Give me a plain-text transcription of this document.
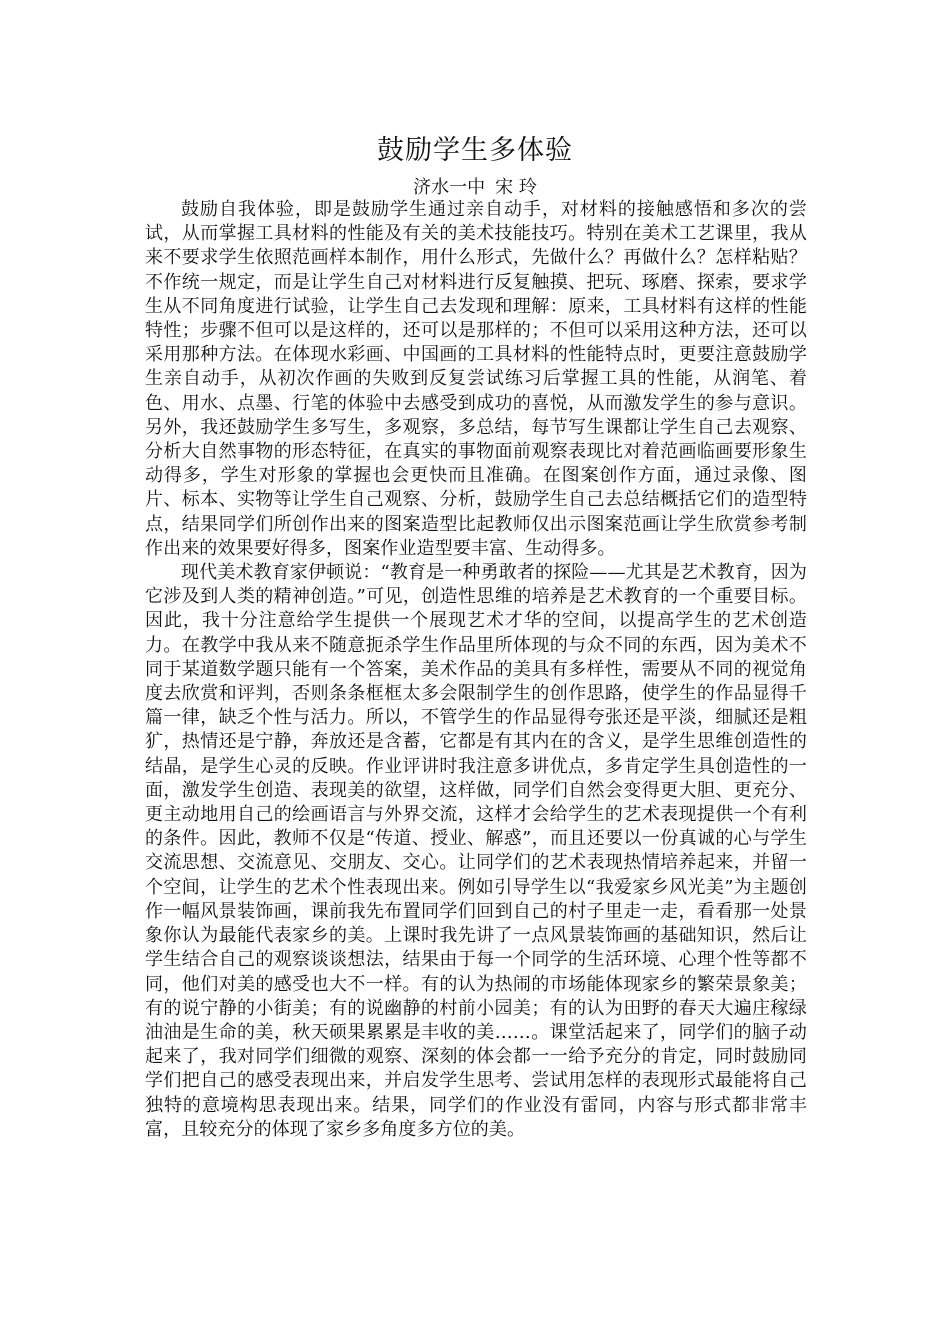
鼓励学生多体验
济水一中 宋 玲

鼓励自我体验，即是鼓励学生通过亲自动手，对材料的接触感悟和多次的尝试，从而掌握工具材料的性能及有关的美术技能技巧。特别在美术工艺课里，我从来不要求学生依照范画样本制作，用什么形式，先做什么？再做什么？怎样粘贴？不作统一规定，而是让学生自己对材料进行反复触摸、把玩、琢磨、探索，要求学生从不同角度进行试验，让学生自己去发现和理解：原来，工具材料有这样的性能特性；步骤不但可以是这样的，还可以是那样的；不但可以采用这种方法，还可以采用那种方法。在体现水彩画、中国画的工具材料的性能特点时，更要注意鼓励学生亲自动手，从初次作画的失败到反复尝试练习后掌握工具的性能，从润笔、着色、用水、点墨、行笔的体验中去感受到成功的喜悦，从而激发学生的参与意识。另外，我还鼓励学生多写生，多观察，多总结，每节写生课都让学生自己去观察、分析大自然事物的形态特征，在真实的事物面前观察表现比对着范画临画要形象生动得多，学生对形象的掌握也会更快而且准确。在图案创作方面，通过录像、图片、标本、实物等让学生自己观察、分析，鼓励学生自己去总结概括它们的造型特点，结果同学们所创作出来的图案造型比起教师仅出示图案范画让学生欣赏参考制作出来的效果要好得多，图案作业造型要丰富、生动得多。

现代美术教育家伊顿说：“教育是一种勇敢者的探险——尤其是艺术教育，因为它涉及到人类的精神创造。”可见，创造性思维的培养是艺术教育的一个重要目标。因此，我十分注意给学生提供一个展现艺术才华的空间，以提高学生的艺术创造力。在教学中我从来不随意扼杀学生作品里所体现的与众不同的东西，因为美术不同于某道数学题只能有一个答案，美术作品的美具有多样性，需要从不同的视觉角度去欣赏和评判，否则条条框框太多会限制学生的创作思路，使学生的作品显得千篇一律，缺乏个性与活力。所以，不管学生的作品显得夸张还是平淡，细腻还是粗犷，热情还是宁静，奔放还是含蓄，它都是有其内在的含义，是学生思维创造性的结晶，是学生心灵的反映。作业评讲时我注意多讲优点，多肯定学生具创造性的一面，激发学生创造、表现美的欲望，这样做，同学们自然会变得更大胆、更充分、更主动地用自己的绘画语言与外界交流，这样才会给学生的艺术表现提供一个有利的条件。因此，教师不仅是“传道、授业、解惑”，而且还要以一份真诚的心与学生交流思想、交流意见、交朋友、交心。让同学们的艺术表现热情培养起来，并留一个空间，让学生的艺术个性表现出来。例如引导学生以“我爱家乡风光美”为主题创作一幅风景装饰画，课前我先布置同学们回到自己的村子里走一走，看看那一处景象你认为最能代表家乡的美。上课时我先讲了一点风景装饰画的基础知识，然后让学生结合自己的观察谈谈想法，结果由于每一个同学的生活环境、心理个性等都不同，他们对美的感受也大不一样。有的认为热闹的市场能体现家乡的繁荣景象美；有的说宁静的小街美；有的说幽静的村前小园美；有的认为田野的春天大遍庄稼绿油油是生命的美，秋天硕果累累是丰收的美……。课堂活起来了，同学们的脑子动起来了，我对同学们细微的观察、深刻的体会都一一给予充分的肯定，同时鼓励同学们把自己的感受表现出来，并启发学生思考、尝试用怎样的表现形式最能将自己独特的意境构思表现出来。结果，同学们的作业没有雷同，内容与形式都非常丰富，且较充分的体现了家乡多角度多方位的美。
